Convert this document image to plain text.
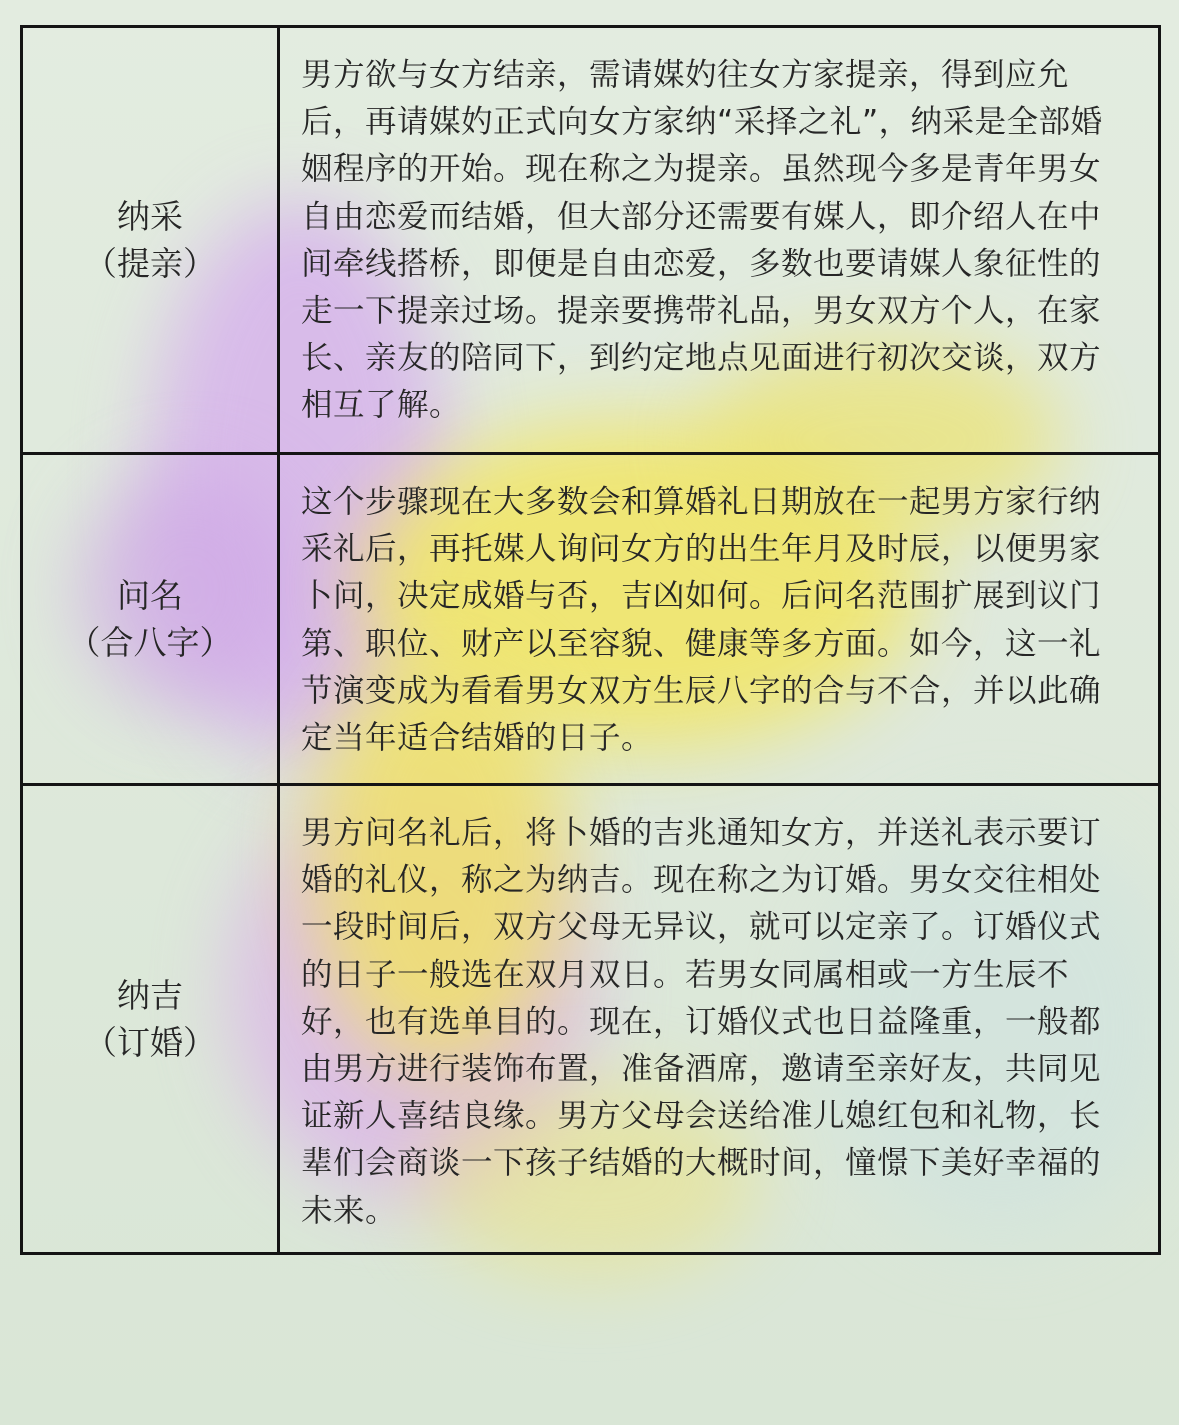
纳采
（提亲）

男方欲与女方结亲，需请媒妁往女方家提亲，得到应允后，再请媒妁正式向女方家纳“采择之礼”，纳采是全部婚姻程序的开始。现在称之为提亲。虽然现今多是青年男女自由恋爱而结婚，但大部分还需要有媒人，即介绍人在中间牵线搭桥，即便是自由恋爱，多数也要请媒人象征性的走一下提亲过场。提亲要携带礼品，男女双方个人，在家长、亲友的陪同下，到约定地点见面进行初次交谈，双方相互了解。

问名
（合八字）

这个步骤现在大多数会和算婚礼日期放在一起男方家行纳采礼后，再托媒人询问女方的出生年月及时辰，以便男家卜问，决定成婚与否，吉凶如何。后问名范围扩展到议门第、职位、财产以至容貌、健康等多方面。如今，这一礼节演变成为看看男女双方生辰八字的合与不合，并以此确定当年适合结婚的日子。

纳吉
（订婚）

男方问名礼后，将卜婚的吉兆通知女方，并送礼表示要订婚的礼仪，称之为纳吉。现在称之为订婚。男女交往相处一段时间后，双方父母无异议，就可以定亲了。订婚仪式的日子一般选在双月双日。若男女同属相或一方生辰不好，也有选单目的。现在，订婚仪式也日益隆重，一般都由男方进行装饰布置，准备酒席，邀请至亲好友，共同见证新人喜结良缘。男方父母会送给准儿媳红包和礼物，长辈们会商谈一下孩子结婚的大概时间，憧憬下美好幸福的未来。
